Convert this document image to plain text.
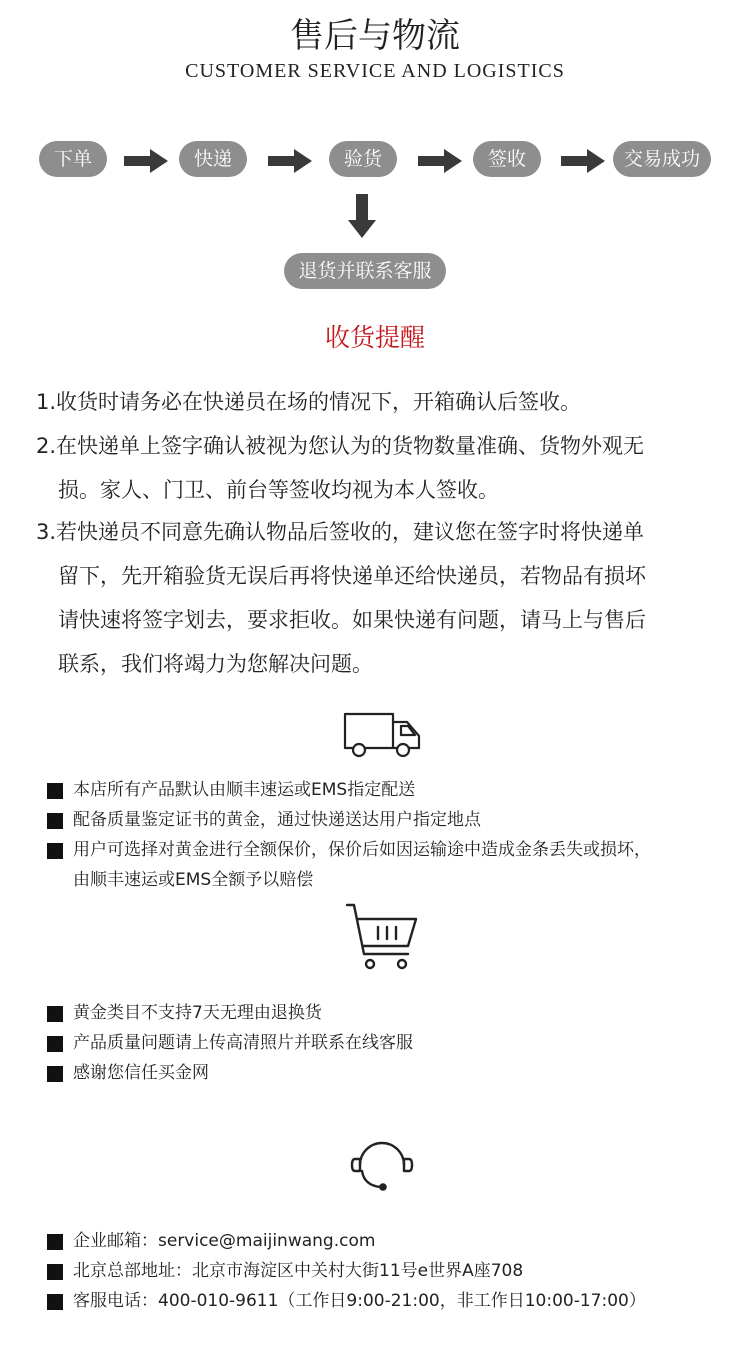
售后与物流
CUSTOMER SERVICE AND LOGISTICS
下单	快递	验货	签收	交易成功
退货并联系客服
收货提醒
1.收货时请务必在快递员在场的情况下，开箱确认后签收。
2.在快递单上签字确认被视为您认为的货物数量准确、货物外观无
损。家人、门卫、前台等签收均视为本人签收。
3.若快递员不同意先确认物品后签收的，建议您在签字时将快递单
留下，先开箱验货无误后再将快递单还给快递员，若物品有损坏
请快速将签字划去，要求拒收。如果快递有问题，请马上与售后
联系，我们将竭力为您解决问题。
本店所有产品默认由顺丰速运或EMS指定配送
配备质量鉴定证书的黄金，通过快递送达用户指定地点
用户可选择对黄金进行全额保价，保价后如因运输途中造成金条丢失或损坏，
由顺丰速运或EMS全额予以赔偿
黄金类目不支持7天无理由退换货
产品质量问题请上传高清照片并联系在线客服
感谢您信任买金网
企业邮箱：service@maijinwang.com
北京总部地址：北京市海淀区中关村大街11号e世界A座708
客服电话：400-010-9611（工作日9:00-21:00，非工作日10:00-17:00）
